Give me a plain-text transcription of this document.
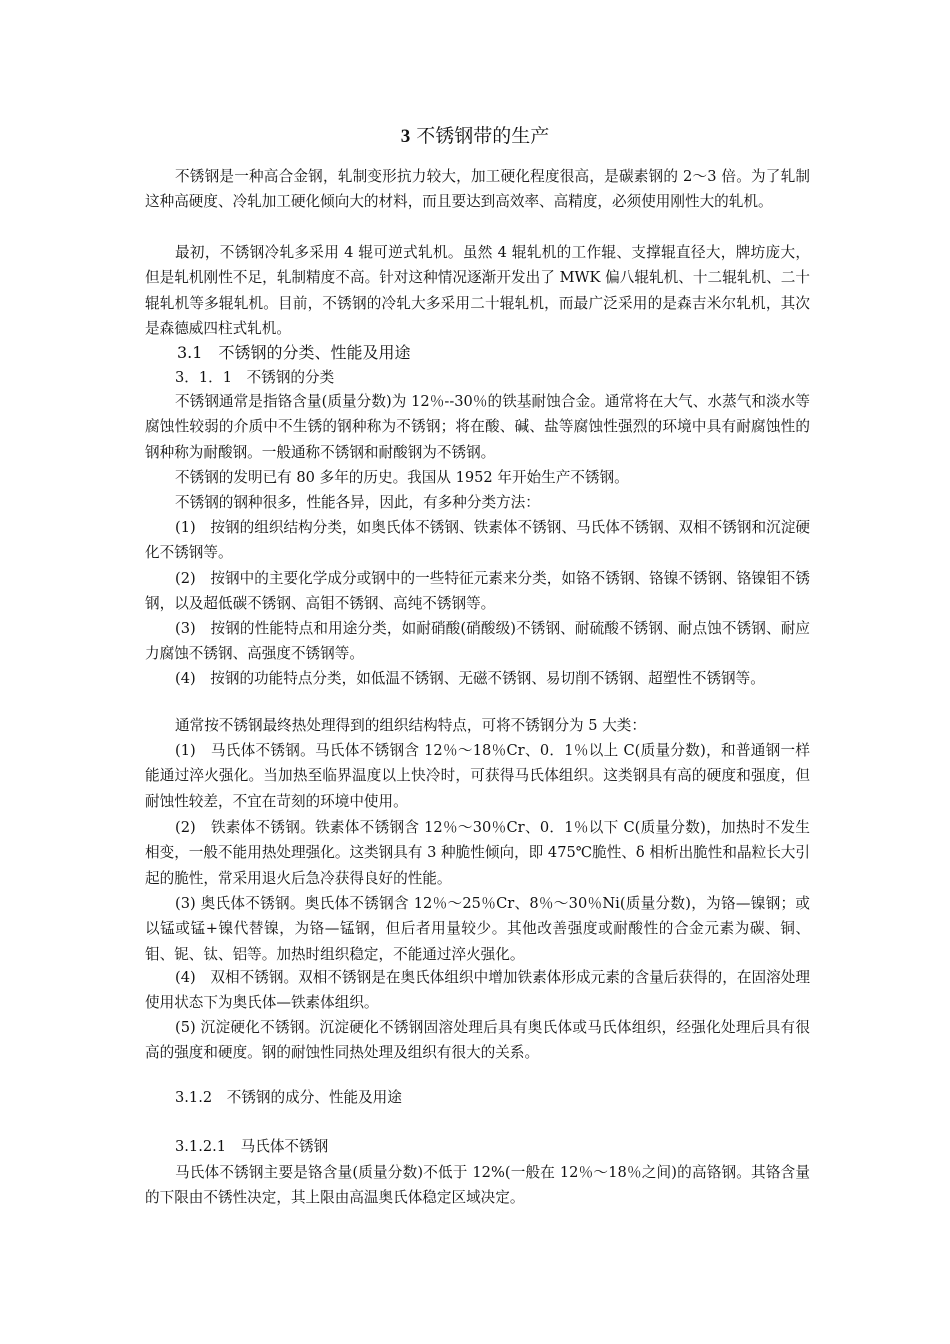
3 不锈钢带的生产

不锈钢是一种高合金钢，轧制变形抗力较大，加工硬化程度很高，是碳素钢的 2～3 倍。为了轧制这种高硬度、冷轧加工硬化倾向大的材料，而且要达到高效率、高精度，必须使用刚性大的轧机。

最初，不锈钢冷轧多采用 4 辊可逆式轧机。虽然 4 辊轧机的工作辊、支撑辊直径大，牌坊庞大，但是轧机刚性不足，轧制精度不高。针对这种情况逐渐开发出了 MWK 偏八辊轧机、十二辊轧机、二十辊轧机等多辊轧机。目前，不锈钢的冷轧大多采用二十辊轧机，而最广泛采用的是森吉米尔轧机，其次是森德威四柱式轧机。

3.1　不锈钢的分类、性能及用途

3．1．1　不锈钢的分类

不锈钢通常是指铬含量(质量分数)为 12％--30％的铁基耐蚀合金。通常将在大气、水蒸气和淡水等腐蚀性较弱的介质中不生锈的钢种称为不锈钢；将在酸、碱、盐等腐蚀性强烈的环境中具有耐腐蚀性的钢种称为耐酸钢。一般通称不锈钢和耐酸钢为不锈钢。

不锈钢的发明已有 80 多年的历史。我国从 1952 年开始生产不锈钢。

不锈钢的钢种很多，性能各异，因此，有多种分类方法：

(1)　按钢的组织结构分类，如奥氏体不锈钢、铁素体不锈钢、马氏体不锈钢、双相不锈钢和沉淀硬化不锈钢等。

(2)　按钢中的主要化学成分或钢中的一些特征元素来分类，如铬不锈钢、铬镍不锈钢、铬镍钼不锈钢，以及超低碳不锈钢、高钼不锈钢、高纯不锈钢等。

(3)　按钢的性能特点和用途分类，如耐硝酸(硝酸级)不锈钢、耐硫酸不锈钢、耐点蚀不锈钢、耐应力腐蚀不锈钢、高强度不锈钢等。

(4)　按钢的功能特点分类，如低温不锈钢、无磁不锈钢、易切削不锈钢、超塑性不锈钢等。

通常按不锈钢最终热处理得到的组织结构特点，可将不锈钢分为 5 大类：

(1)　马氏体不锈钢。马氏体不锈钢含 12％～18％Cr、0．1％以上 C(质量分数)，和普通钢一样能通过淬火强化。当加热至临界温度以上快冷时，可获得马氏体组织。这类钢具有高的硬度和强度，但耐蚀性较差，不宜在苛刻的环境中使用。

(2)　铁素体不锈钢。铁素体不锈钢含 12％～30％Cr、0．1％以下 C(质量分数)，加热时不发生相变，一般不能用热处理强化。这类钢具有 3 种脆性倾向，即 475℃脆性、δ 相析出脆性和晶粒长大引起的脆性，常采用退火后急冷获得良好的性能。

(3) 奥氏体不锈钢。奥氏体不锈钢含 12％～25％Cr、8％～30％Ni(质量分数)，为铬—镍钢；或以锰或锰+镍代替镍，为铬—锰钢，但后者用量较少。其他改善强度或耐酸性的合金元素为碳、铜、钼、铌、钛、铝等。加热时组织稳定，不能通过淬火强化。

(4)　双相不锈钢。双相不锈钢是在奥氏体组织中增加铁素体形成元素的含量后获得的，在固溶处理使用状态下为奥氏体—铁素体组织。

(5) 沉淀硬化不锈钢。沉淀硬化不锈钢固溶处理后具有奥氏体或马氏体组织，经强化处理后具有很高的强度和硬度。钢的耐蚀性同热处理及组织有很大的关系。

3.1.2　不锈钢的成分、性能及用途

3.1.2.1　马氏体不锈钢

马氏体不锈钢主要是铬含量(质量分数)不低于 12%(一般在 12％～18％之间)的高铬钢。其铬含量的下限由不锈性决定，其上限由高温奥氏体稳定区域决定。
